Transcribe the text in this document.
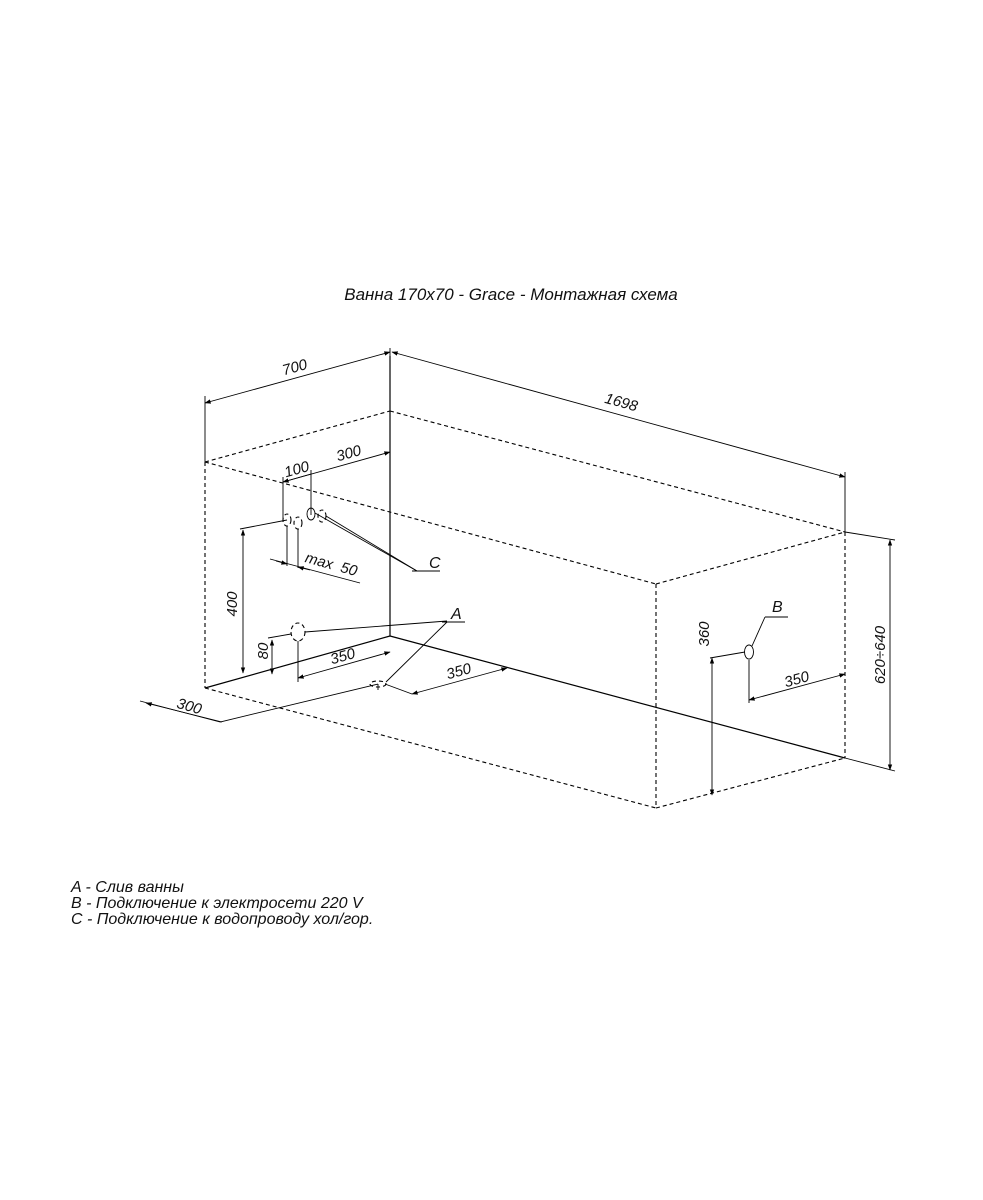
Ванна 170х70 - Grace - Монтажная схема
700
1698
300
100
max  50
400
80	350
300
350
A
C
360
350
B
620÷640
A - Слив ванны
B - Подключение к электросети 220 V
C - Подключение к водопроводу хол/гор.
